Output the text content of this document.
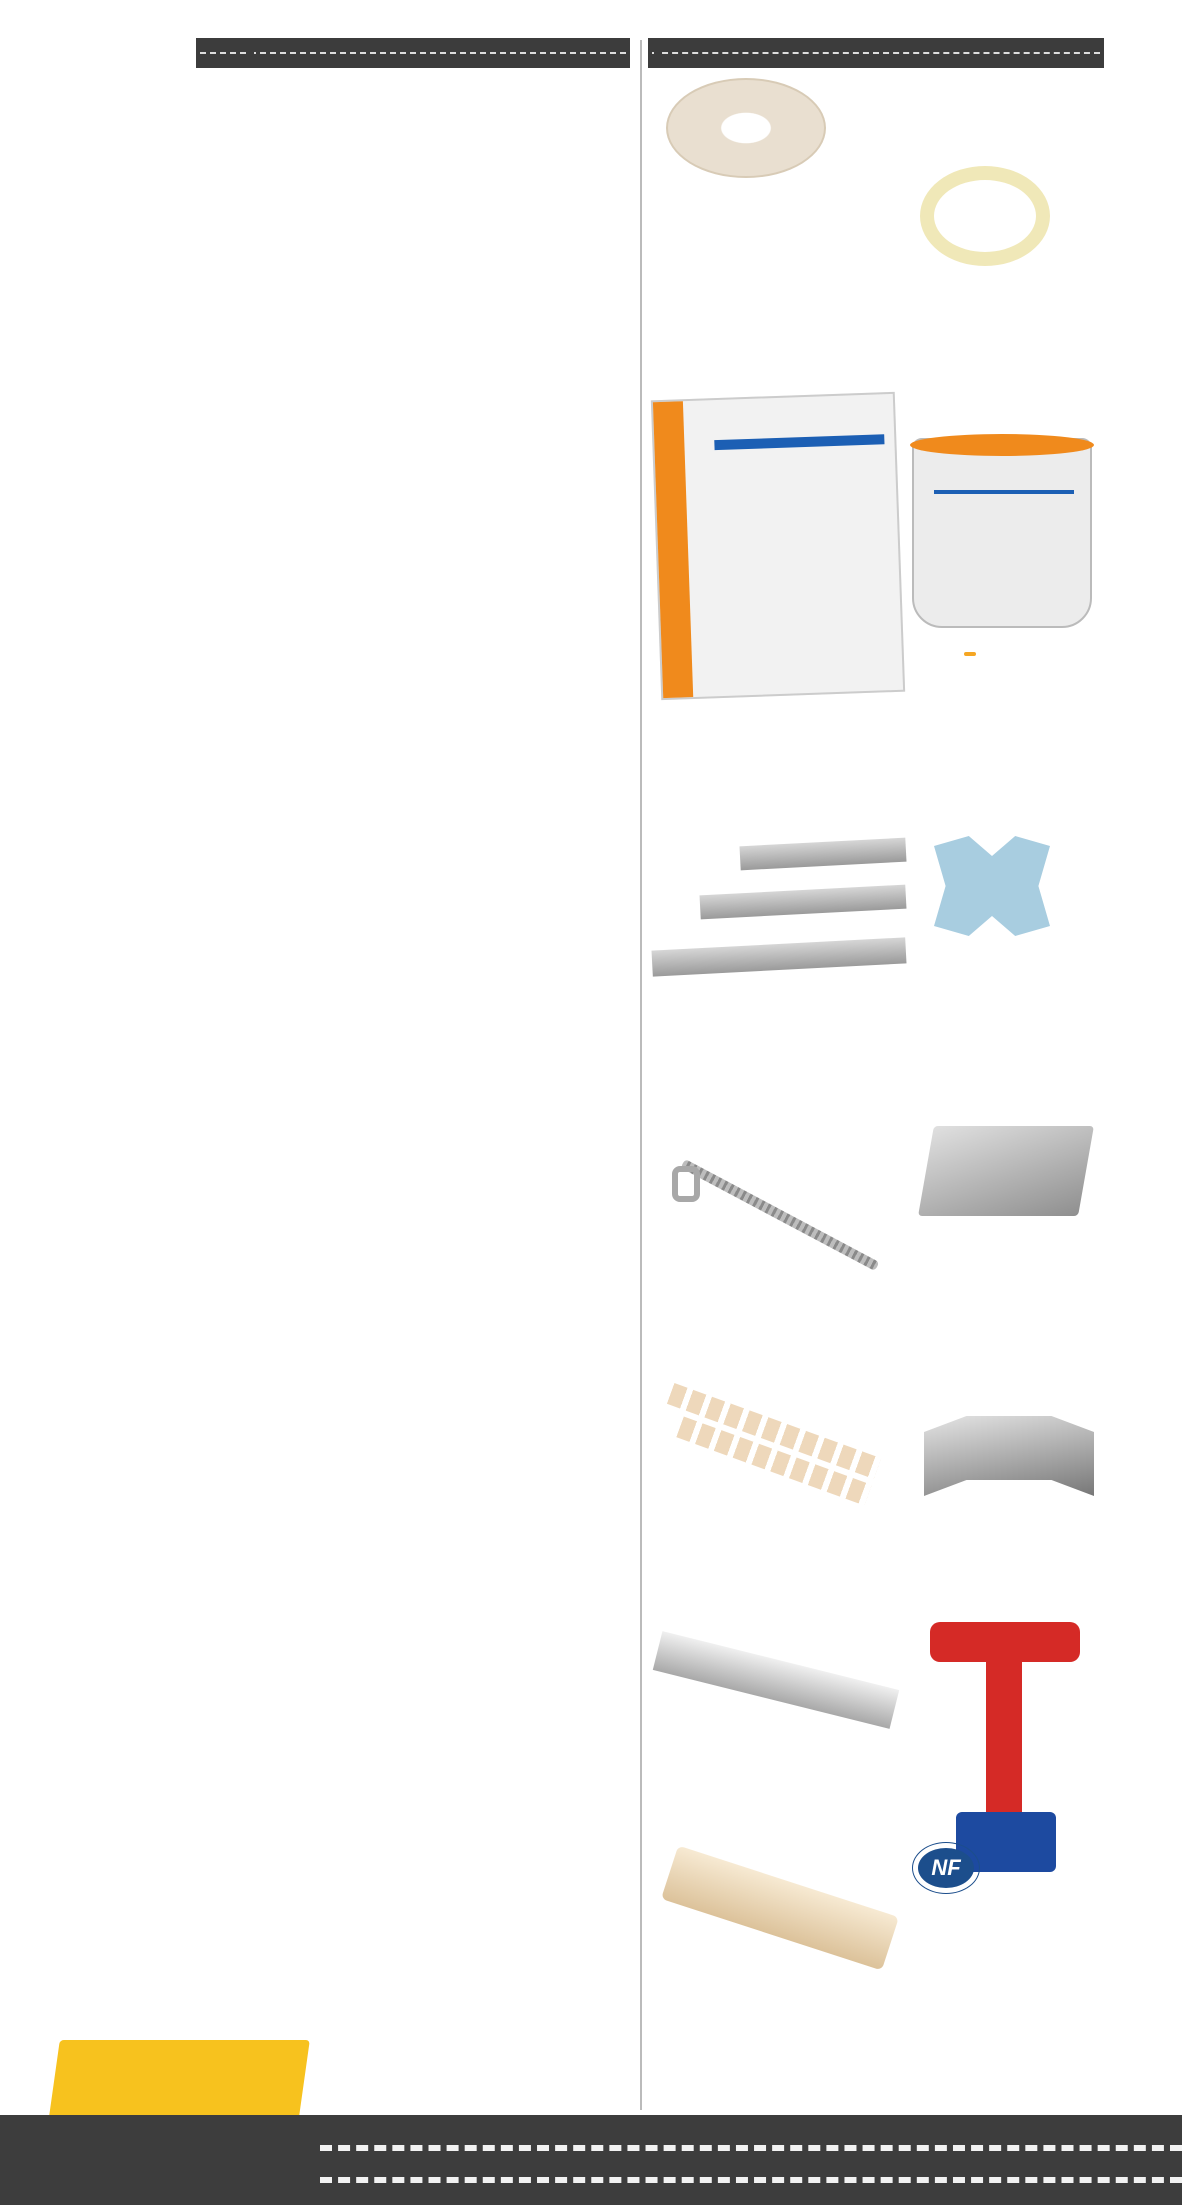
NF
